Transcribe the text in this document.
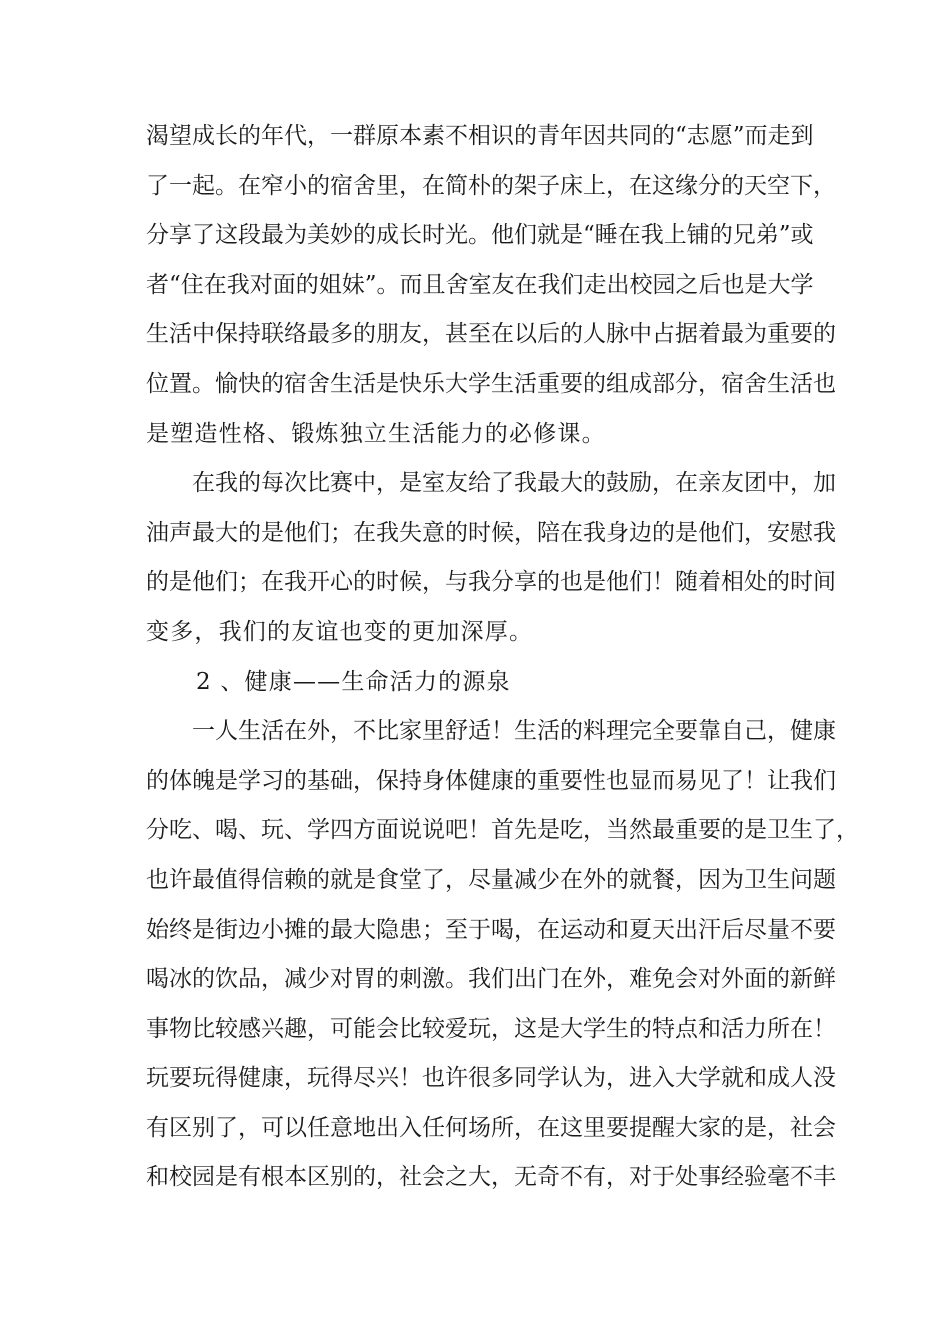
渴望成长的年代，一群原本素不相识的青年因共同的“志愿”而走到
了一起。在窄小的宿舍里，在简朴的架子床上，在这缘分的天空下，
分享了这段最为美妙的成长时光。他们就是“睡在我上铺的兄弟”或
者“住在我对面的姐妹”。而且舍室友在我们走出校园之后也是大学
生活中保持联络最多的朋友，甚至在以后的人脉中占据着最为重要的
位置。愉快的宿舍生活是快乐大学生活重要的组成部分，宿舍生活也
是塑造性格、锻炼独立生活能力的必修课。
在我的每次比赛中，是室友给了我最大的鼓励，在亲友团中，加
油声最大的是他们；在我失意的时候，陪在我身边的是他们，安慰我
的是他们；在我开心的时候，与我分享的也是他们！随着相处的时间
变多，我们的友谊也变的更加深厚。
2 、健康——生命活力的源泉
一人生活在外，不比家里舒适！生活的料理完全要靠自己，健康
的体魄是学习的基础，保持身体健康的重要性也显而易见了！让我们
分吃、喝、玩、学四方面说说吧！首先是吃，当然最重要的是卫生了，
也许最值得信赖的就是食堂了，尽量减少在外的就餐，因为卫生问题
始终是街边小摊的最大隐患；至于喝，在运动和夏天出汗后尽量不要
喝冰的饮品，减少对胃的刺激。我们出门在外，难免会对外面的新鲜
事物比较感兴趣，可能会比较爱玩，这是大学生的特点和活力所在！
玩要玩得健康，玩得尽兴！也许很多同学认为，进入大学就和成人没
有区别了，可以任意地出入任何场所，在这里要提醒大家的是，社会
和校园是有根本区别的，社会之大，无奇不有，对于处事经验毫不丰
